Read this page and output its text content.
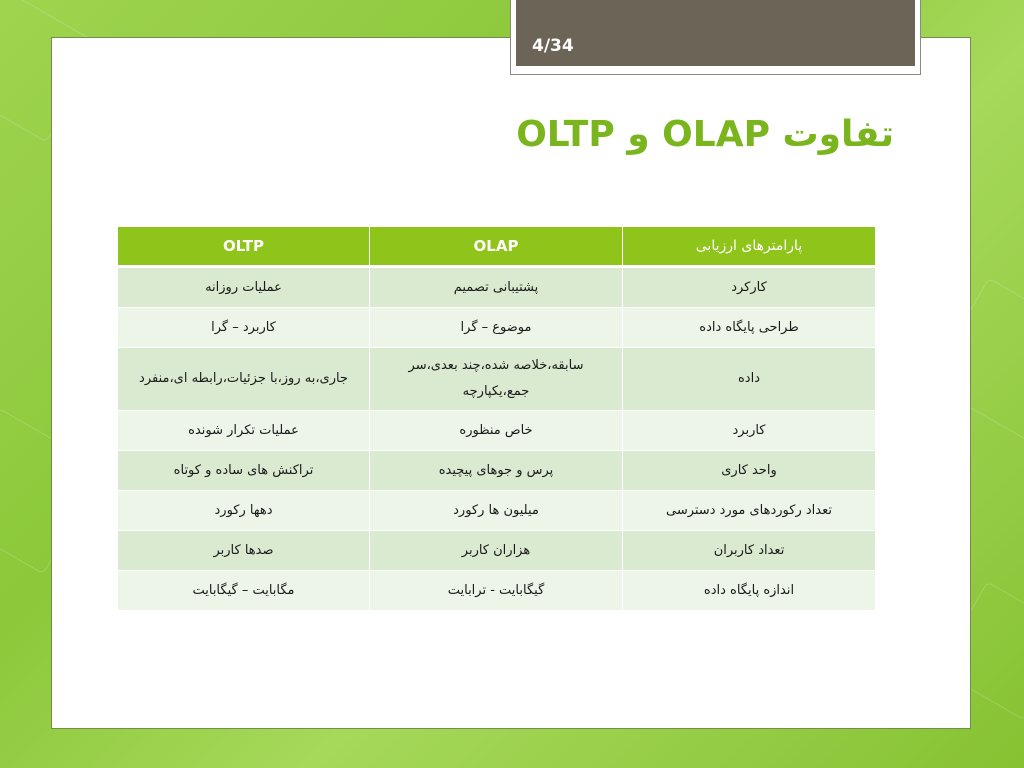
4/34
تفاوت OLAP و OLTP
OLTP	OLAP	پارامترهای ارزیابی
عملیات روزانه	پشتیبانی تصمیم	کارکرد
کاربرد – گرا	موضوع – گرا	طراحی پایگاه داده
جاری،به روز،با جزئیات،رابطه ای،منفرد	سابقه،خلاصه شده،چند بعدی،سر جمع،یکپارچه	داده
عملیات تکرار شونده	خاص منظوره	کاربرد
تراکنش های ساده و کوتاه	پرس و جوهای پیچیده	واحد کاری
دهها رکورد	میلیون ها رکورد	تعداد رکوردهای مورد دسترسی
صدها کاربر	هزاران کاربر	تعداد کاربران
مگابایت – گیگابایت	گیگابایت - ترابایت	اندازه پایگاه داده
